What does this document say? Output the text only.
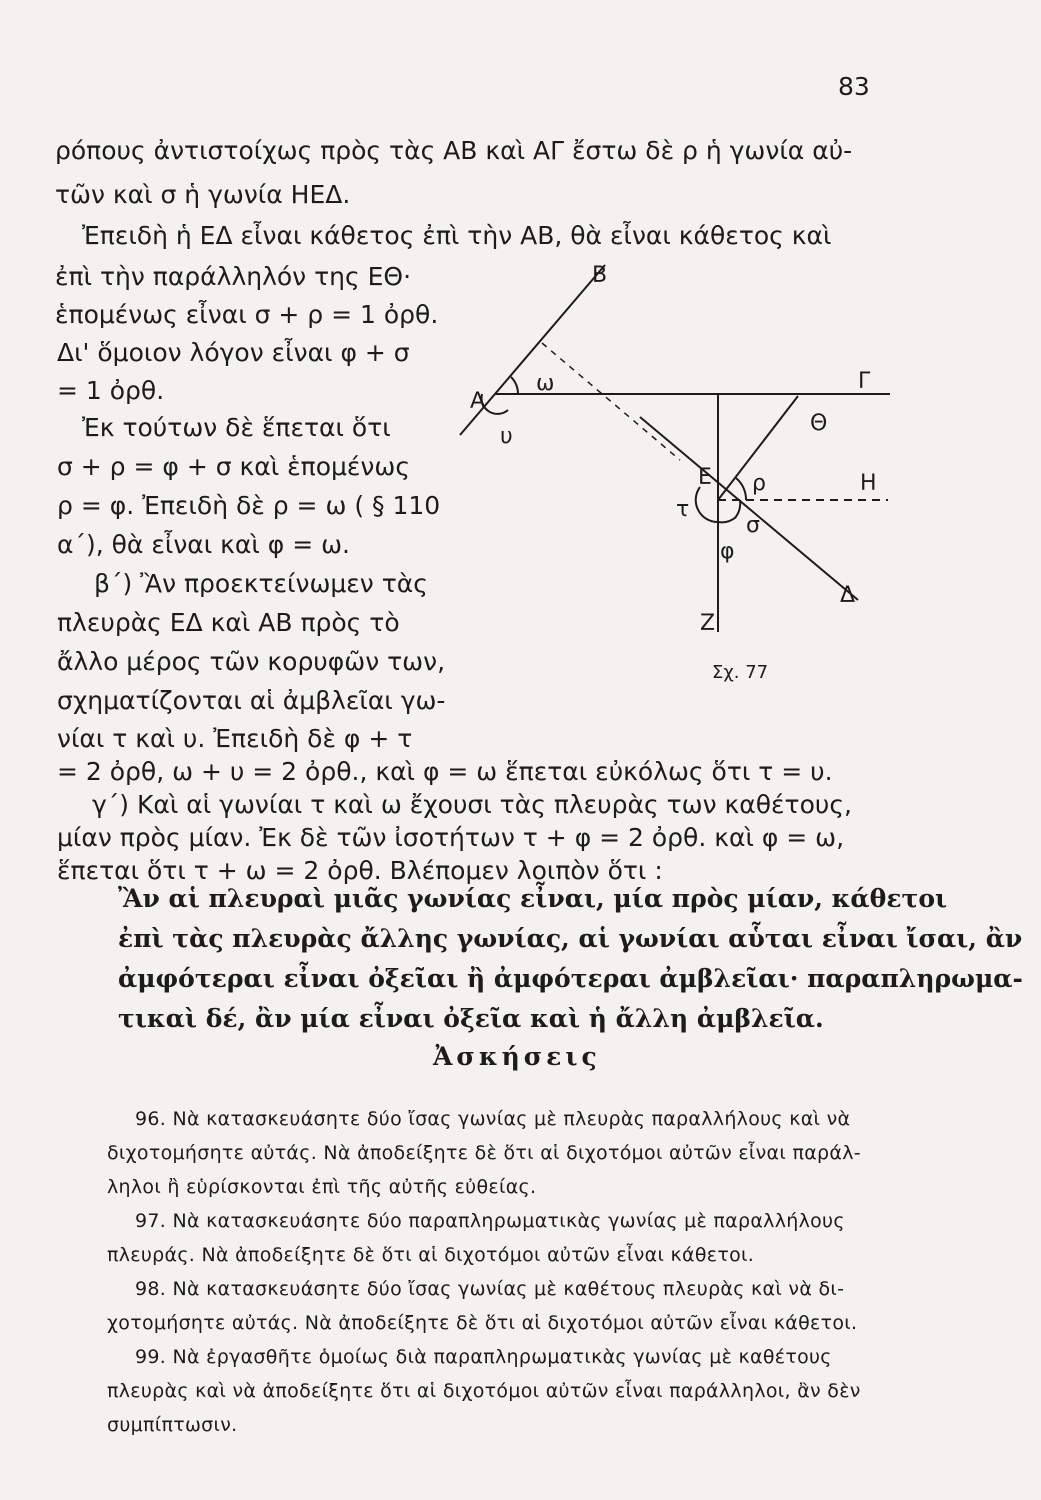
83
ρόπους ἀντιστοίχως πρὸς τὰς ΑΒ καὶ ΑΓ ἔστω δὲ ρ ἡ γωνία αὐ-
τῶν καὶ σ ἡ γωνία ΗΕΔ.
Ἐπειδὴ ἡ ΕΔ εἶναι κάθετος ἐπὶ τὴν ΑΒ, θὰ εἶναι κάθετος καὶ
ἐπὶ τὴν παράλληλόν της ΕΘ·
ἑπομένως εἶναι σ + ρ = 1 ὀρθ.
Δι' ὅμοιον λόγον εἶναι φ + σ
= 1 ὀρθ.
Ἐκ τούτων δὲ ἕπεται ὅτι
σ + ρ = φ + σ καὶ ἑπομένως
ρ = φ. Ἐπειδὴ δὲ ρ = ω ( § 110
α΄), θὰ εἶναι καὶ φ = ω.
β΄) Ἂν προεκτείνωμεν τὰς
πλευρὰς ΕΔ καὶ ΑΒ πρὸς τὸ
ἄλλο μέρος τῶν κορυφῶν των,
σχηματίζονται αἱ ἀμβλεῖαι γω-
νίαι τ καὶ υ. Ἐπειδὴ δὲ φ + τ
= 2 ὀρθ, ω + υ = 2 ὀρθ., καὶ φ = ω ἕπεται εὐκόλως ὅτι τ = υ.
γ΄) Καὶ αἱ γωνίαι τ καὶ ω ἔχουσι τὰς πλευρὰς των καθέτους,
μίαν πρὸς μίαν. Ἐκ δὲ τῶν ἰσοτήτων τ + φ = 2 ὀρθ. καὶ φ = ω,
ἕπεται ὅτι τ + ω = 2 ὀρθ. Βλέπομεν λοιπὸν ὅτι :
Ἂν αἱ πλευραὶ μιᾶς γωνίας εἶναι, μία πρὸς μίαν, κάθετοι
ἐπὶ τὰς πλευρὰς ἄλλης γωνίας, αἱ γωνίαι αὗται εἶναι ἴσαι, ἂν
ἀμφότεραι εἶναι ὀξεῖαι ἢ ἀμφότεραι ἀμβλεῖαι· παραπληρωμα-
τικαὶ δέ, ἂν μία εἶναι ὀξεῖα καὶ ἡ ἄλλη ἀμβλεῖα.
Ἀσκήσεις
96. Νὰ κατασκευάσητε δύο ἴσας γωνίας μὲ πλευρὰς παραλλήλους καὶ νὰ
διχοτομήσητε αὐτάς. Νὰ ἀποδείξητε δὲ ὅτι αἱ διχοτόμοι αὐτῶν εἶναι παράλ-
ληλοι ἢ εὑρίσκονται ἐπὶ τῆς αὐτῆς εὐθείας.
97. Νὰ κατασκευάσητε δύο παραπληρωματικὰς γωνίας μὲ παραλλήλους
πλευράς. Νὰ ἀποδείξητε δὲ ὅτι αἱ διχοτόμοι αὐτῶν εἶναι κάθετοι.
98. Νὰ κατασκευάσητε δύο ἴσας γωνίας μὲ καθέτους πλευρὰς καὶ νὰ δι-
χοτομήσητε αὐτάς. Νὰ ἀποδείξητε δὲ ὅτι αἱ διχοτόμοι αὐτῶν εἶναι κάθετοι.
99. Νὰ ἐργασθῆτε ὁμοίως διὰ παραπληρωματικὰς γωνίας μὲ καθέτους
πλευρὰς καὶ νὰ ἀποδείξητε ὅτι αἱ διχοτόμοι αὐτῶν εἶναι παράλληλοι, ἂν δὲν
συμπίπτωσιν.
Β
Α
Γ
Θ
Ε	Η
Δ
Ζ
ω
υ
ρ
σ
τ
φ
Σχ. 77
